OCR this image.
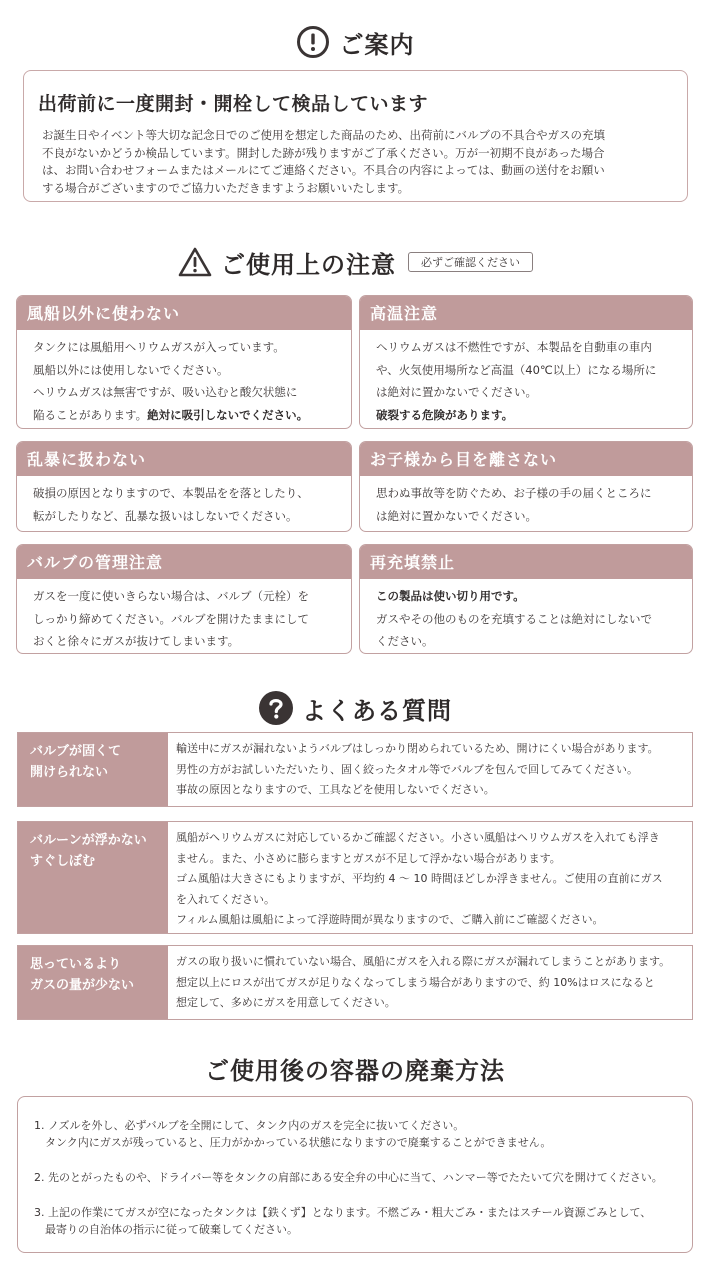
ご案内
出荷前に一度開封・開栓して検品しています

お誕生日やイベント等大切な記念日でのご使用を想定した商品のため、出荷前にバルブの不具合やガスの充填

不良がないかどうか検品しています。開封した跡が残りますがご了承ください。万が一初期不良があった場合

は、お問い合わせフォームまたはメールにてご連絡ください。不具合の内容によっては、動画の送付をお願い

する場合がございますのでご協力いただきますようお願いいたします。

ご使用上の注意	必ずご確認ください
風船以外に使わない

タンクには風船用ヘリウムガスが入っています。

風船以外には使用しないでください。

ヘリウムガスは無害ですが、吸い込むと酸欠状態に

陥ることがあります。絶対に吸引しないでください。

高温注意

ヘリウムガスは不燃性ですが、本製品を自動車の車内

や、火気使用場所など高温（40℃以上）になる場所に

は絶対に置かないでください。

破裂する危険があります。

乱暴に扱わない

破損の原因となりますので、本製品をを落としたり、

転がしたりなど、乱暴な扱いはしないでください。

お子様から目を離さない

思わぬ事故等を防ぐため、お子様の手の届くところに

は絶対に置かないでください。

バルブの管理注意

ガスを一度に使いきらない場合は、バルブ（元栓）を

しっかり締めてください。バルブを開けたままにして

おくと徐々にガスが抜けてしまいます。

再充填禁止

この製品は使い切り用です。

ガスやその他のものを充填することは絶対にしないで

ください。

よくある質問

バルブが固くて

開けられない

輸送中にガスが漏れないようバルブはしっかり閉められているため、開けにくい場合があります。

男性の方がお試しいただいたり、固く絞ったタオル等でバルブを包んで回してみてください。

事故の原因となりますので、工具などを使用しないでください。

バルーンが浮かない

すぐしぼむ

風船がヘリウムガスに対応しているかご確認ください。小さい風船はヘリウムガスを入れても浮き

ません。また、小さめに膨らますとガスが不足して浮かない場合があります。

ゴム風船は大きさにもよりますが、平均約 4 ～ 10 時間ほどしか浮きません。ご使用の直前にガス

を入れてください。

フィルム風船は風船によって浮遊時間が異なりますので、ご購入前にご確認ください。

思っているより

ガスの量が少ない

ガスの取り扱いに慣れていない場合、風船にガスを入れる際にガスが漏れてしまうことがあります。

想定以上にロスが出てガスが足りなくなってしまう場合がありますので、約 10%はロスになると

想定して、多めにガスを用意してください。

ご使用後の容器の廃棄方法

1. ノズルを外し、必ずバルブを全開にして、タンク内のガスを完全に抜いてください。

タンク内にガスが残っていると、圧力がかかっている状態になりますので廃棄することができません。

2. 先のとがったものや、ドライバー等をタンクの肩部にある安全弁の中心に当て、ハンマー等でたたいて穴を開けてください。

3. 上記の作業にてガスが空になったタンクは【鉄くず】となります。不燃ごみ・粗大ごみ・またはスチール資源ごみとして、

最寄りの自治体の指示に従って破棄してください。
